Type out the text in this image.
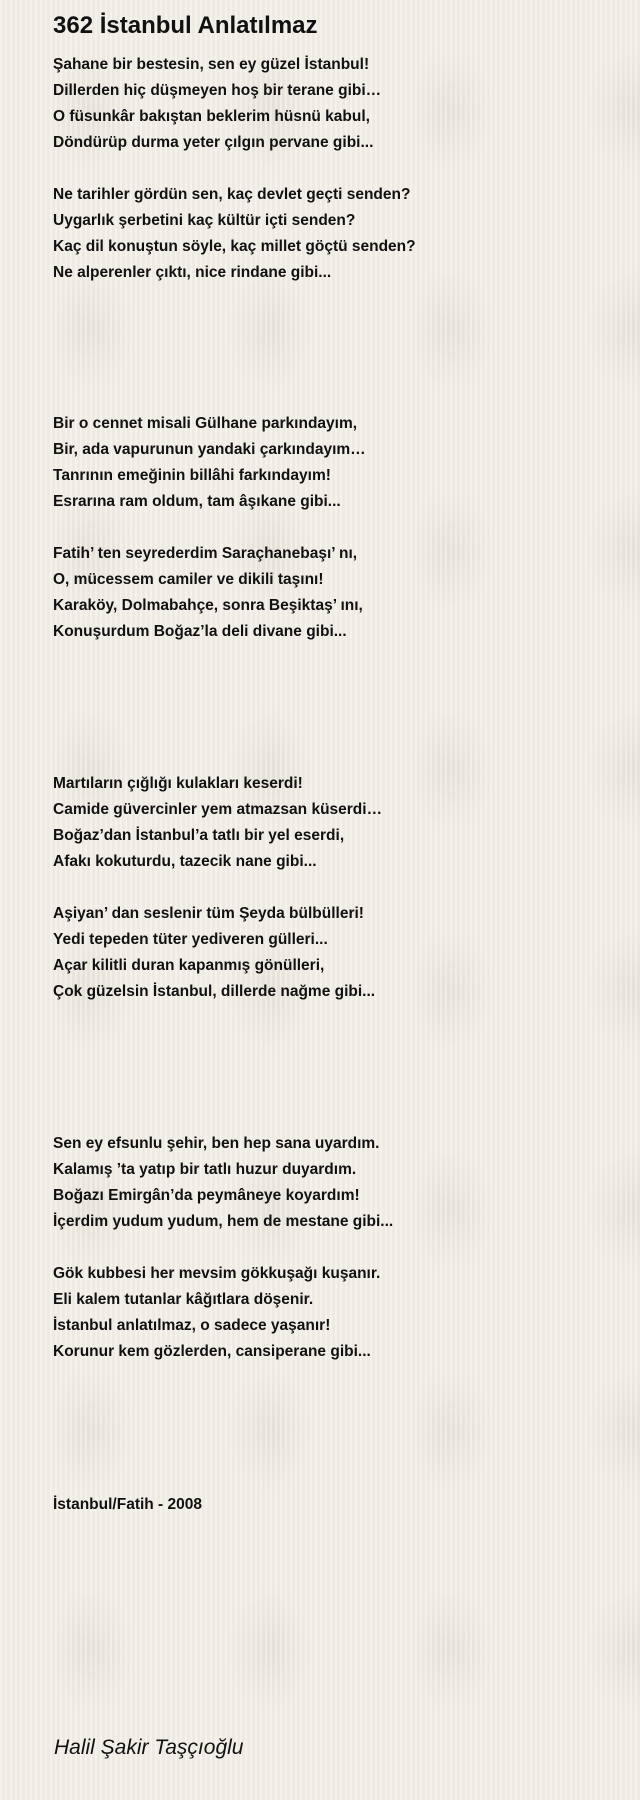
362 İstanbul Anlatılmaz
Şahane bir bestesin, sen ey güzel İstanbul!
Dillerden hiç düşmeyen hoş bir terane gibi…
O füsunkâr bakıştan beklerim hüsnü kabul,
Döndürüp durma yeter çılgın pervane gibi...
Ne tarihler gördün sen, kaç devlet geçti senden?
Uygarlık şerbetini kaç kültür içti senden?
Kaç dil konuştun söyle, kaç millet göçtü senden?
Ne alperenler çıktı, nice rindane gibi...
Bir o cennet misali Gülhane parkındayım,
Bir, ada vapurunun yandaki çarkındayım…
Tanrının emeğinin billâhi farkındayım!
Esrarına ram oldum, tam âşıkane gibi...
Fatih’ ten seyrederdim Saraçhanebaşı’ nı,
O, mücessem camiler ve dikili taşını!
Karaköy, Dolmabahçe, sonra Beşiktaş’ ını,
Konuşurdum Boğaz’la deli divane gibi...
Martıların çığlığı kulakları keserdi!
Camide güvercinler yem atmazsan küserdi…
Boğaz’dan İstanbul’a tatlı bir yel eserdi,
Afakı kokuturdu, tazecik nane gibi...
Aşiyan’ dan seslenir tüm Şeyda bülbülleri!
Yedi tepeden tüter yediveren gülleri...
Açar kilitli duran kapanmış gönülleri,
Çok güzelsin İstanbul, dillerde nağme gibi...
Sen ey efsunlu şehir, ben hep sana uyardım.
Kalamış ’ta yatıp bir tatlı huzur duyardım.
Boğazı Emirgân’da peymâneye koyardım!
İçerdim yudum yudum, hem de mestane gibi...
Gök kubbesi her mevsim gökkuşağı kuşanır.
Eli kalem tutanlar kâğıtlara döşenir.
İstanbul anlatılmaz, o sadece yaşanır!
Korunur kem gözlerden, cansiperane gibi...
İstanbul/Fatih - 2008
Halil Şakir Taşçıoğlu
